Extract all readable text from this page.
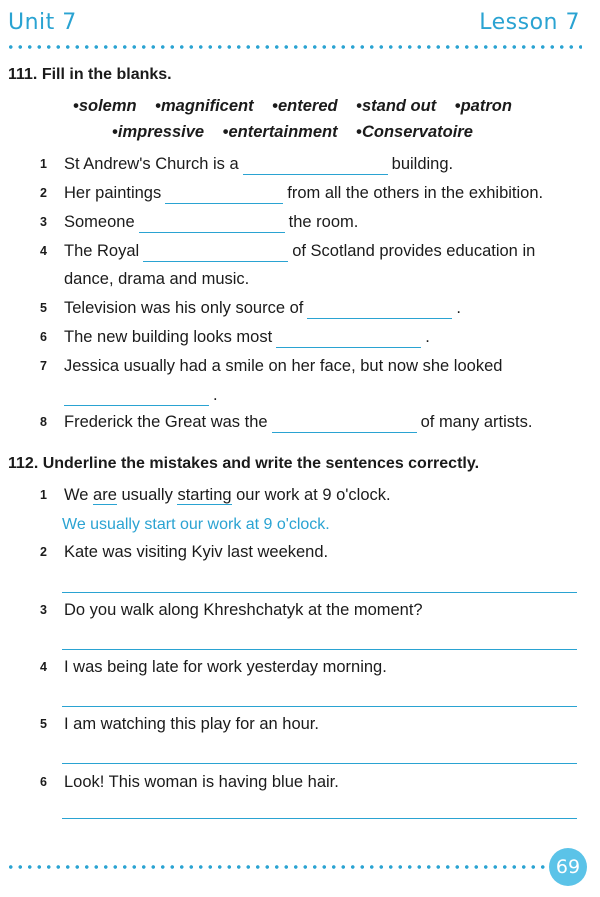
Unit 7	Lesson 7
111. Fill in the blanks.
• solemn • magnificent • entered • stand out • patron
• impressive • entertainment • Conservatoire
1	St Andrew's Church is a	building.
2	Her paintings	from all the others in the exhibition.
3	Someone	the room.
4	The Royal	of Scotland provides education in
dance, drama and music.
5	Television was his only source of	.
6	The new building looks most	.
7	Jessica usually had a smile on her face, but now she looked
.
8	Frederick the Great was the	of many artists.
112. Underline the mistakes and write the sentences correctly.
1	We are usually starting our work at 9 o'clock.
We usually start our work at 9 o'clock.
2	Kate was visiting Kyiv last weekend.
3	Do you walk along Khreshchatyk at the moment?
4	I was being late for work yesterday morning.
5	I am watching this play for an hour.
6	Look! This woman is having blue hair.
69
